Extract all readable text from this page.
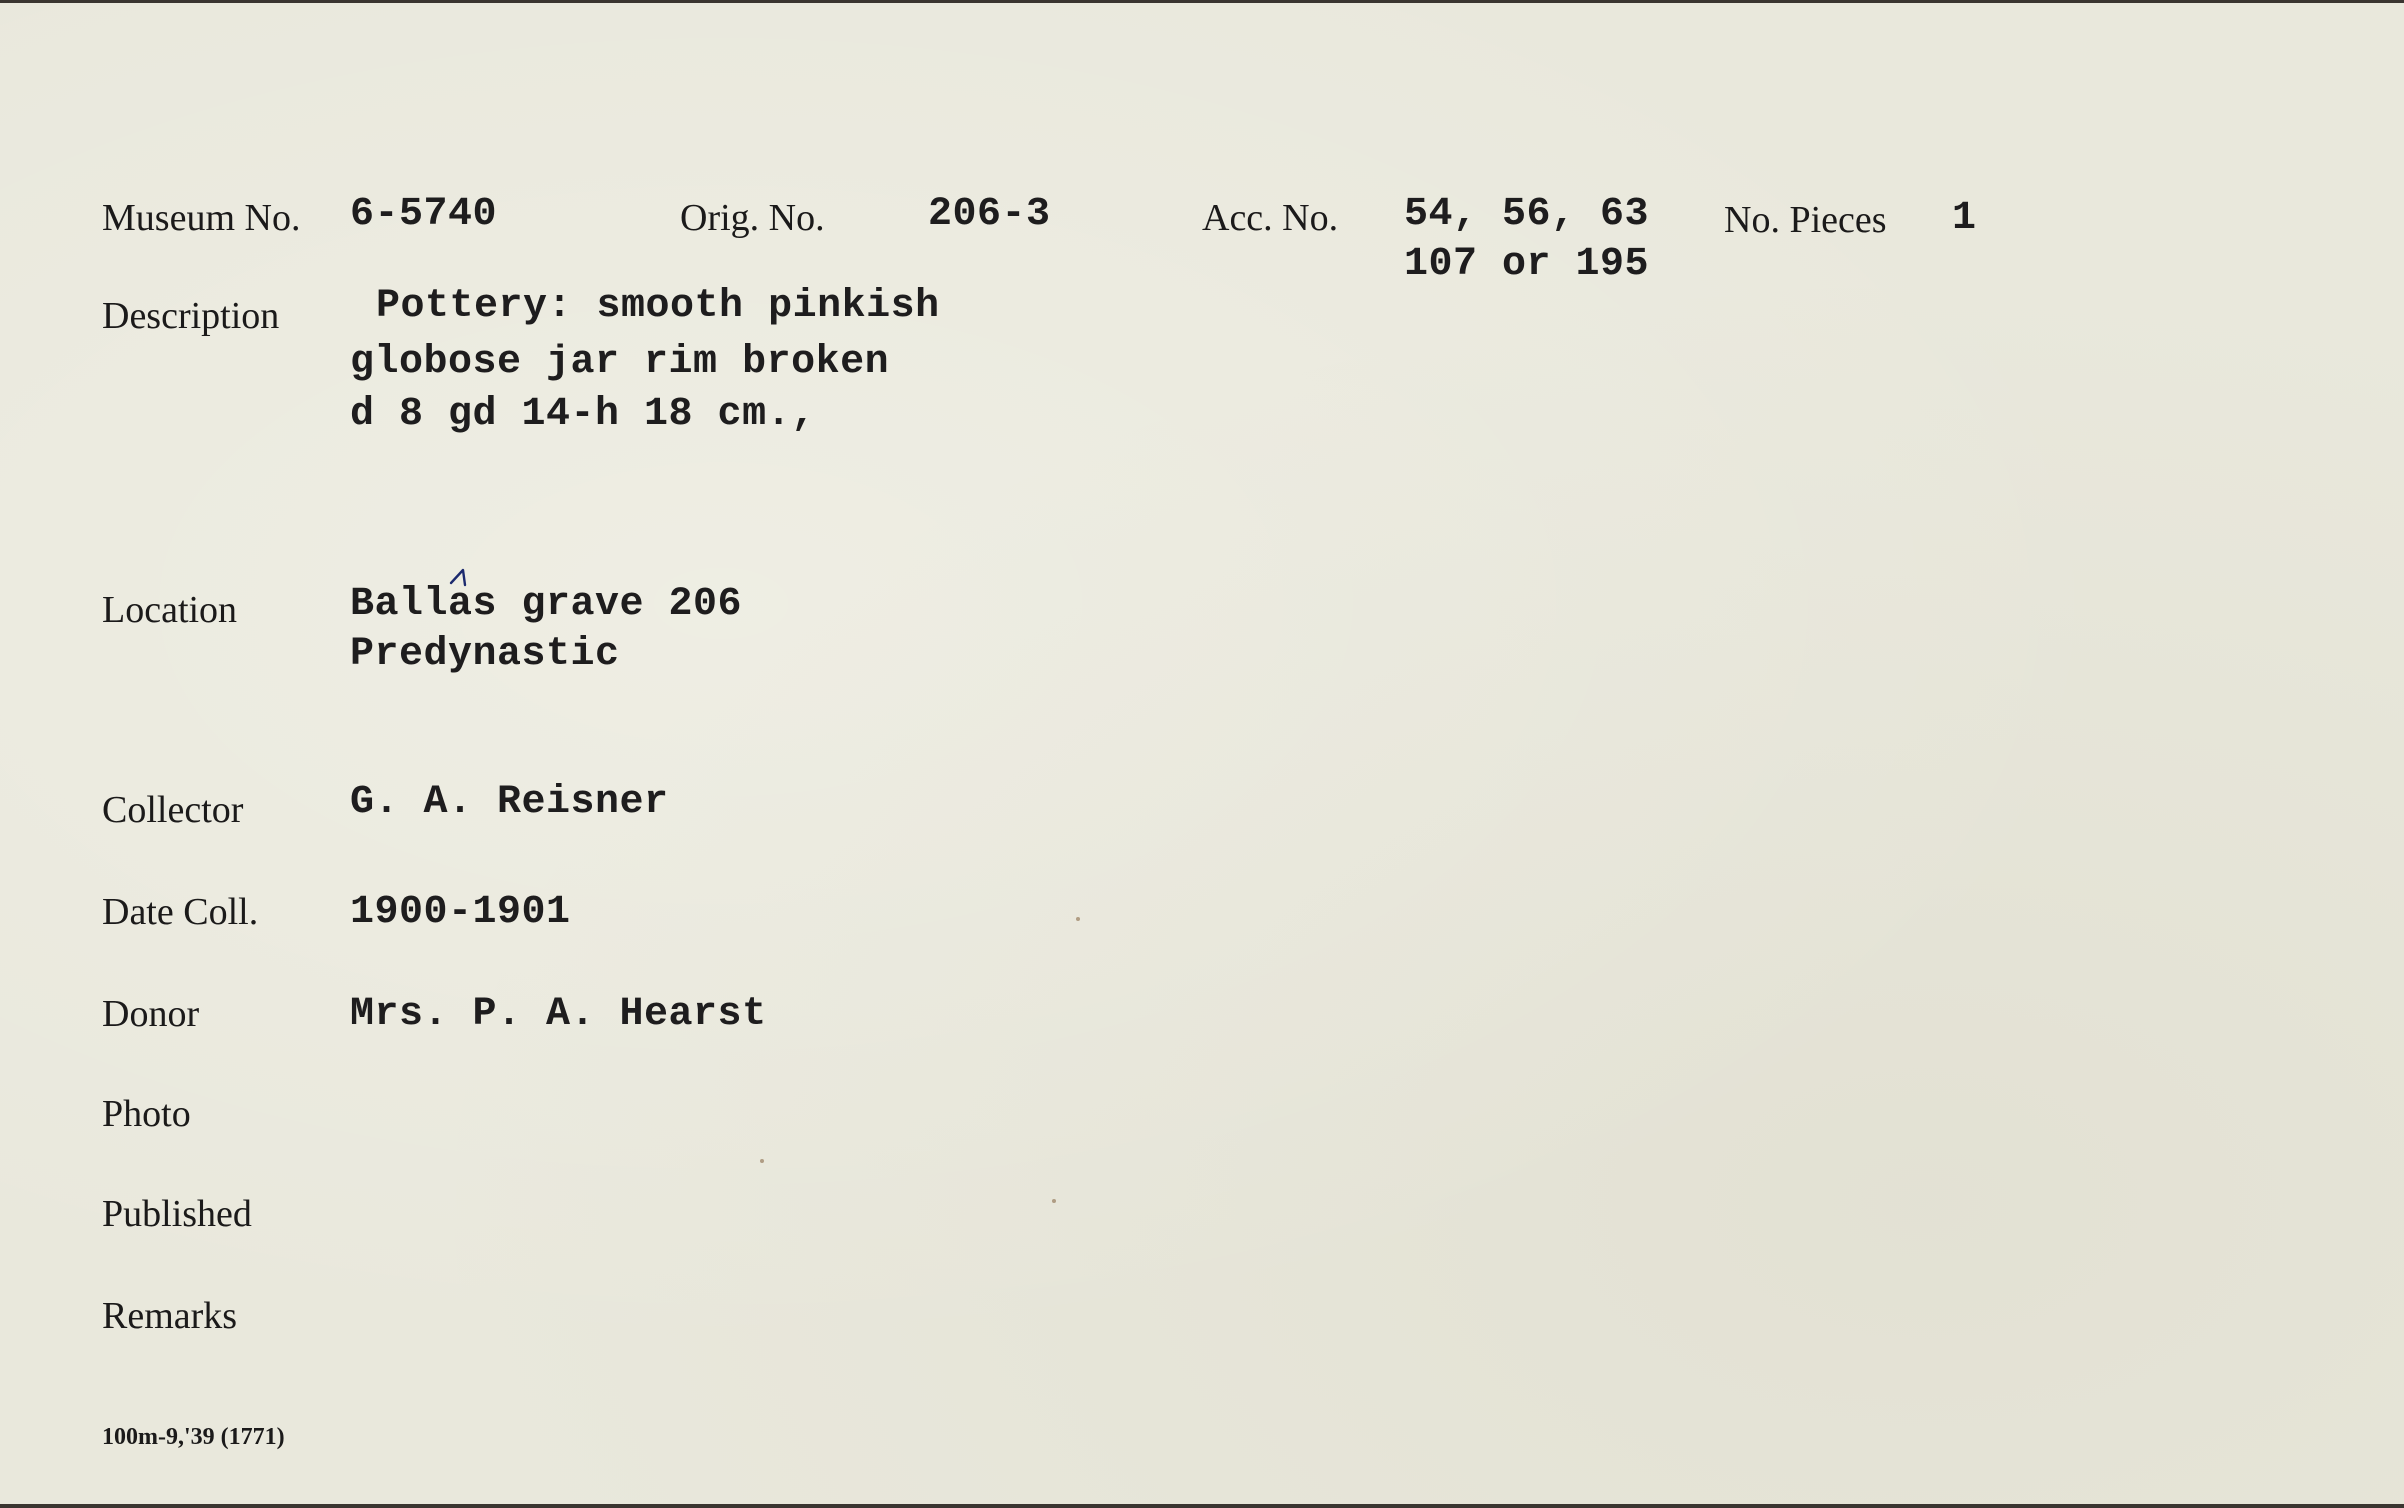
Museum No. 6-5740	Orig. No.	206-3	Acc. No. 54, 56, 63
107 or 195
No. Pieces 1
Description Pottery: smooth pinkish
globose jar rim broken
d 8 gd 14-h 18 cm.,
Location	Ballas grave 206
Predynastic
Collector	G. A. Reisner
Date Coll. 1900-1901
Donor	Mrs. P. A. Hearst
Photo
Published
Remarks
100m-9,'39 (1771)
